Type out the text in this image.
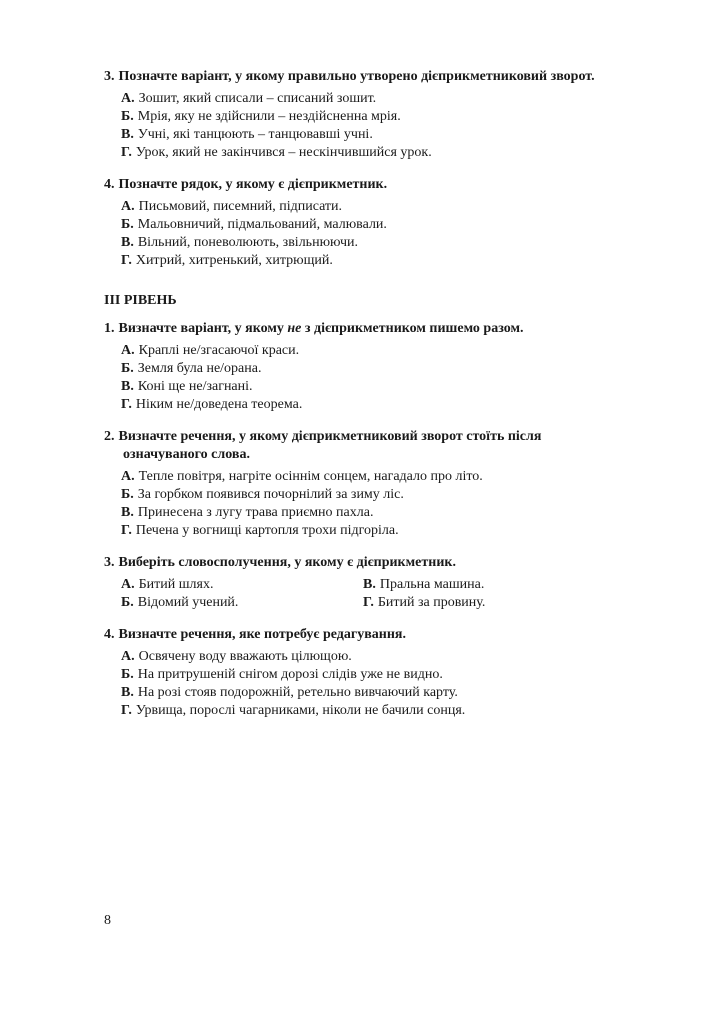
3. Позначте варіант, у якому правильно утворено дієприкметниковий зворот.
А. Зошит, який списали – списаний зошит.
Б. Мрія, яку не здійснили – нездійсненна мрія.
В. Учні, які танцюють – танцювавші учні.
Г. Урок, який не закінчився – нескінчившийся урок.
4. Позначте рядок, у якому є дієприкметник.
А. Письмовий, писемний, підписати.
Б. Мальовничий, підмальований, малювали.
В. Вільний, поневолюють, звільнюючи.
Г. Хитрий, хитренький, хитрющий.
ІІІ РІВЕНЬ
1. Визначте варіант, у якому не з дієприкметником пишемо разом.
А. Краплі не/згасаючої краси.
Б. Земля була не/орана.
В. Коні ще не/загнані.
Г. Ніким не/доведена теорема.
2. Визначте речення, у якому дієприкметниковий зворот стоїть після
означуваного слова.
А. Тепле повітря, нагріте осіннім сонцем, нагадало про літо.
Б. За горбком появився почорнілий за зиму ліс.
В. Принесена з лугу трава приємно пахла.
Г. Печена у вогнищі картопля трохи підгоріла.
3. Виберіть словосполучення, у якому є дієприкметник.
А. Битий шлях.	В. Пральна машина.
Б. Відомий учений.	Г. Битий за провину.
4. Визначте речення, яке потребує редагування.
А. Освячену воду вважають цілющою.
Б. На притрушеній снігом дорозі слідів уже не видно.
В. На розі стояв подорожній, ретельно вивчаючий карту.
Г. Урвища, порослі чагарниками, ніколи не бачили сонця.
8
